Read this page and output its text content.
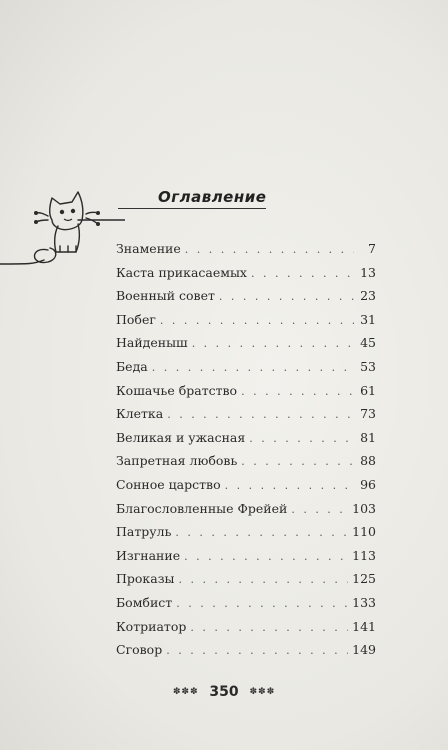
Оглавление
Знамение . . .	7
Каста прикасаемых . . .	13
Военный совет . . .	23
Побег . . .	31
Найденыш . . .	45
Беда . . .	53
Кошачье братство . . .	61
Клетка . . .	73
Великая и ужасная . . .	81
Запретная любовь . . .	88
Сонное царство . . .	96
Благословленные Фрейей . . .	103
Патруль . . .	110
Изгнание . . .	113
Проказы . . .	125
Бомбист . . .	133
Котриатор . . .	141
Сговор . . .	149
✽✽✽ 350 ✽✽✽
